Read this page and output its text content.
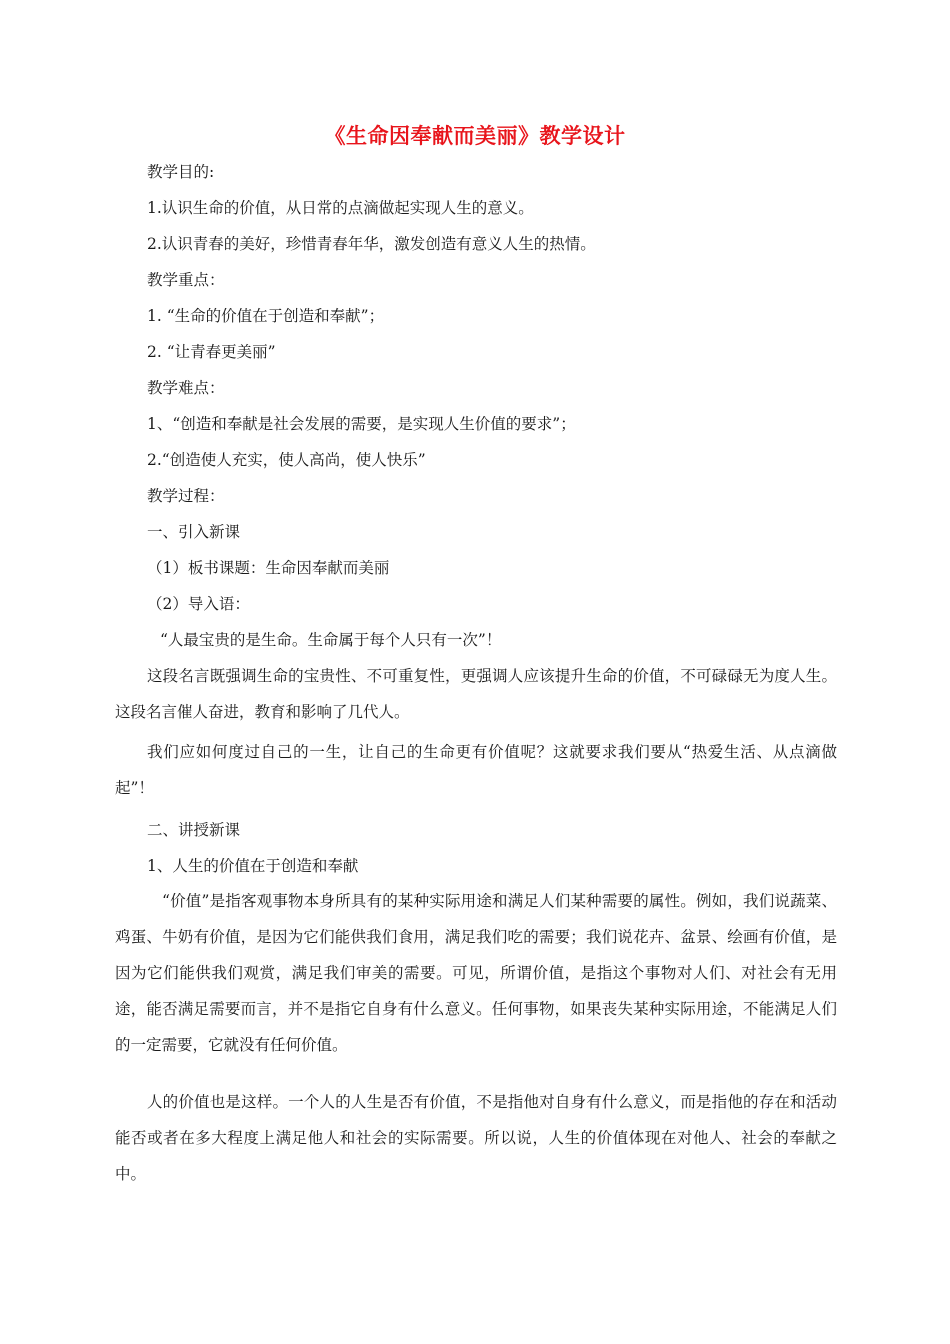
《生命因奉献而美丽》教学设计
教学目的:
1.认识生命的价值，从日常的点滴做起实现人生的意义。
2.认识青春的美好，珍惜青春年华，激发创造有意义人生的热情。
教学重点：
1. “生命的价值在于创造和奉献”；
2. “让青春更美丽”
教学难点：
1、“创造和奉献是社会发展的需要，是实现人生价值的要求”；
2.“创造使人充实，使人高尚，使人快乐”
教学过程：
一、引入新课
（1）板书课题：生命因奉献而美丽
（2）导入语：
“人最宝贵的是生命。生命属于每个人只有一次”！
这段名言既强调生命的宝贵性、不可重复性，更强调人应该提升生命的价值，不可碌碌无为度人生。这段名言催人奋进，教育和影响了几代人。
我们应如何度过自己的一生，让自己的生命更有价值呢？这就要求我们要从“热爱生活、从点滴做起”！
二、讲授新课
1、人生的价值在于创造和奉献
“价值”是指客观事物本身所具有的某种实际用途和满足人们某种需要的属性。例如，我们说蔬菜、鸡蛋、牛奶有价值，是因为它们能供我们食用，满足我们吃的需要；我们说花卉、盆景、绘画有价值，是因为它们能供我们观赏，满足我们审美的需要。可见，所谓价值，是指这个事物对人们、对社会有无用途，能否满足需要而言，并不是指它自身有什么意义。任何事物，如果丧失某种实际用途，不能满足人们的一定需要，它就没有任何价值。
人的价值也是这样。一个人的人生是否有价值，不是指他对自身有什么意义，而是指他的存在和活动能否或者在多大程度上满足他人和社会的实际需要。所以说，人生的价值体现在对他人、社会的奉献之中。
